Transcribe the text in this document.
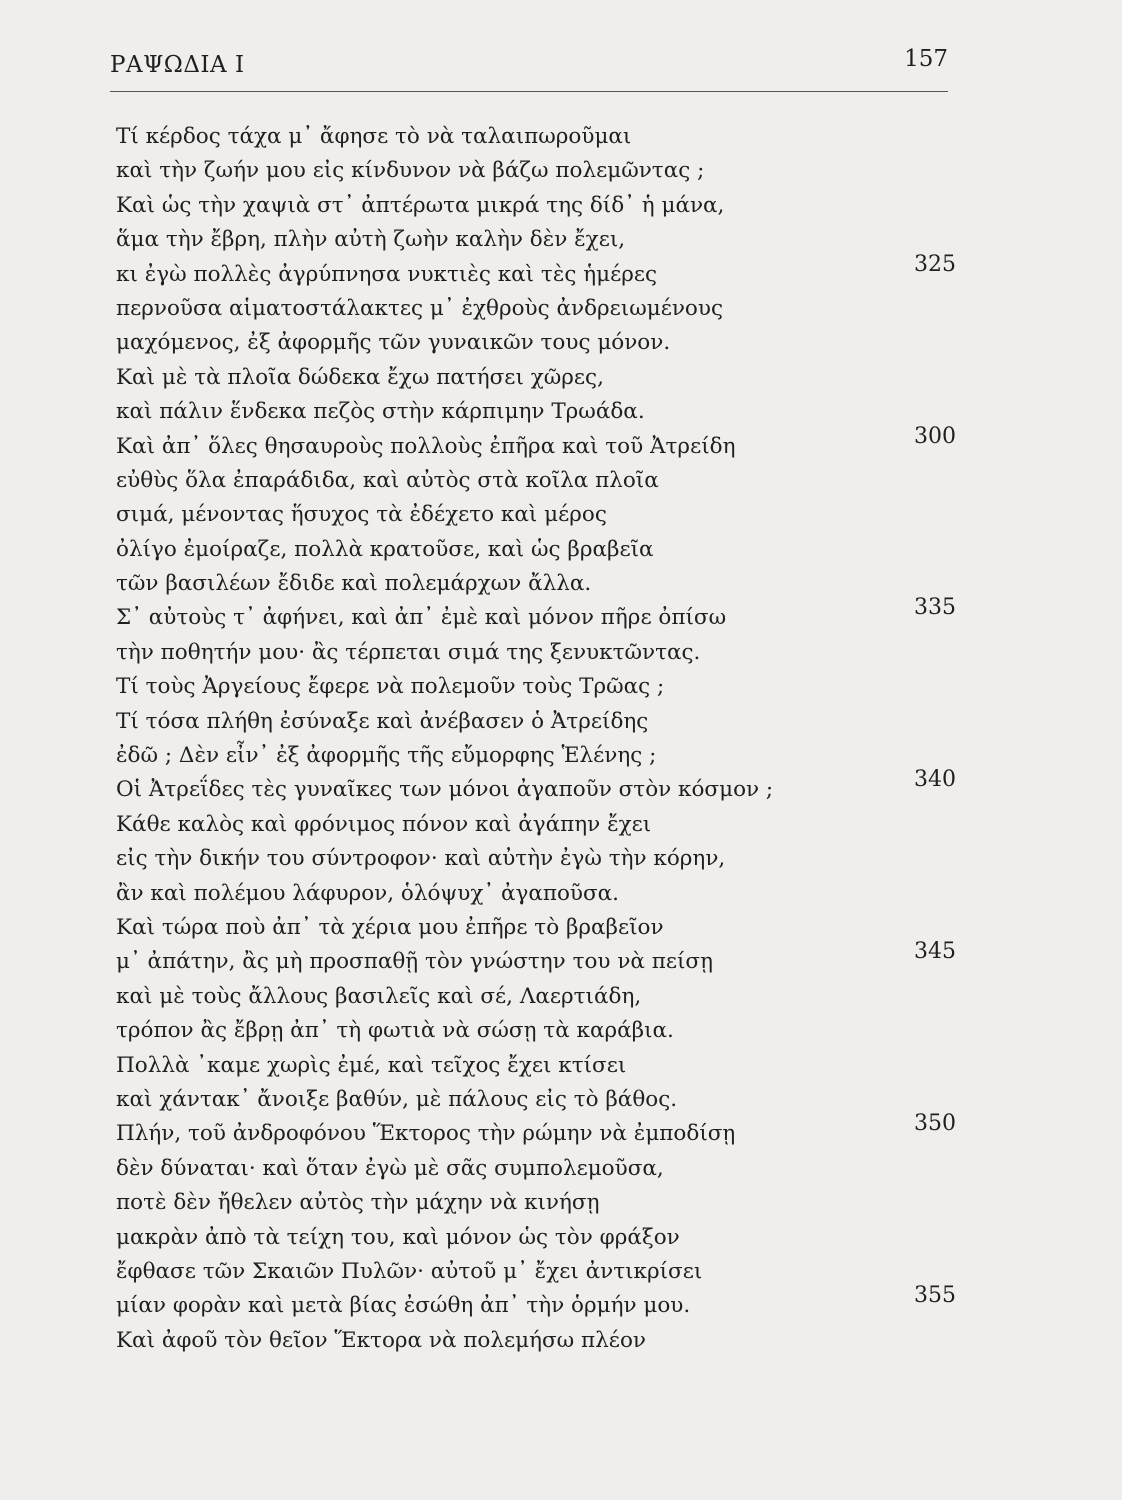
ΡΑΨΩΔΙΑ Ι	157
Τί κέρδος τάχα μ᾽ ἄφησε τὸ νὰ ταλαιπωροῦμαι
καὶ τὴν ζωήν μου εἰς κίνδυνον νὰ βάζω πολεμῶντας ;
Καὶ ὡς τὴν χαψιὰ στ᾽ ἀπτέρωτα μικρά της δίδ᾽ ἡ μάνα,
ἅμα τὴν ἔβρη, πλὴν αὐτὴ ζωὴν καλὴν δὲν ἔχει,
κι ἐγὼ πολλὲς ἀγρύπνησα νυκτιὲς καὶ τὲς ἡμέρες	325
περνοῦσα αἱματοστάλακτες μ᾽ ἐχθροὺς ἀνδρειωμένους
μαχόμενος, ἐξ ἀφορμῆς τῶν γυναικῶν τους μόνον.
Καὶ μὲ τὰ πλοῖα δώδεκα ἔχω πατήσει χῶρες,
καὶ πάλιν ἕνδεκα πεζὸς στὴν κάρπιμην Τρωάδα.
Καὶ ἀπ᾽ ὅλες θησαυροὺς πολλοὺς ἐπῆρα καὶ τοῦ Ἀτρείδη	300
εὐθὺς ὅλα ἐπαράδιδα, καὶ αὐτὸς στὰ κοῖλα πλοῖα
σιμά, μένοντας ἥσυχος τὰ ἐδέχετο καὶ μέρος
ὀλίγο ἐμοίραζε, πολλὰ κρατοῦσε, καὶ ὡς βραβεῖα
τῶν βασιλέων ἔδιδε καὶ πολεμάρχων ἄλλα.
Σ᾽ αὐτοὺς τ᾽ ἀφήνει, καὶ ἀπ᾽ ἐμὲ καὶ μόνον πῆρε ὀπίσω	335
τὴν ποθητήν μου· ἂς τέρπεται σιμά της ξενυκτῶντας.
Τί τοὺς Ἀργείους ἔφερε νὰ πολεμοῦν τοὺς Τρῶας ;
Τί τόσα πλήθη ἐσύναξε καὶ ἀνέβασεν ὁ Ἀτρείδης
ἐδῶ ; Δὲν εἶν᾽ ἐξ ἀφορμῆς τῆς εὔμορφης Ἑλένης ;
Οἱ Ἀτρεΐδες τὲς γυναῖκες των μόνοι ἀγαποῦν στὸν κόσμον ;	340
Κάθε καλὸς καὶ φρόνιμος πόνον καὶ ἀγάπην ἔχει
εἰς τὴν δικήν του σύντροφον· καὶ αὐτὴν ἐγὼ τὴν κόρην,
ἂν καὶ πολέμου λάφυρον, ὁλόψυχ᾽ ἀγαποῦσα.
Καὶ τώρα ποὺ ἀπ᾽ τὰ χέρια μου ἐπῆρε τὸ βραβεῖον
μ᾽ ἀπάτην, ἂς μὴ προσπαθῇ τὸν γνώστην του νὰ πείσῃ	345
καὶ μὲ τοὺς ἄλλους βασιλεῖς καὶ σέ, Λαερτιάδη,
τρόπον ἂς ἔβρῃ ἀπ᾽ τὴ φωτιὰ νὰ σώσῃ τὰ καράβια.
Πολλὰ ᾽καμε χωρὶς ἐμέ, καὶ τεῖχος ἔχει κτίσει
καὶ χάντακ᾽ ἄνοιξε βαθύν, μὲ πάλους εἰς τὸ βάθος.
Πλήν, τοῦ ἀνδροφόνου Ἕκτορος τὴν ρώμην νὰ ἐμποδίσῃ	350
δὲν δύναται· καὶ ὅταν ἐγὼ μὲ σᾶς συμπολεμοῦσα,
ποτὲ δὲν ἤθελεν αὐτὸς τὴν μάχην νὰ κινήσῃ
μακρὰν ἀπὸ τὰ τείχη του, καὶ μόνον ὡς τὸν φράξον
ἔφθασε τῶν Σκαιῶν Πυλῶν· αὐτοῦ μ᾽ ἔχει ἀντικρίσει
μίαν φορὰν καὶ μετὰ βίας ἐσώθη ἀπ᾽ τὴν ὁρμήν μου.	355
Καὶ ἀφοῦ τὸν θεῖον Ἕκτορα νὰ πολεμήσω πλέον
